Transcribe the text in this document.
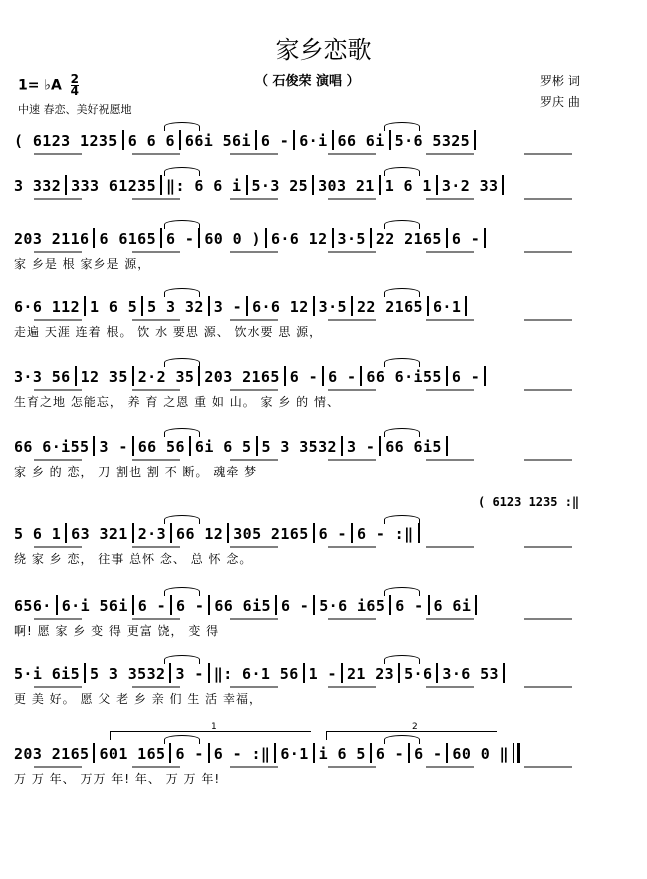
家乡恋歌
（ 石俊荣 演唱 ）
1= ♭A $\frac{2}{4}$
中速 春恋、美好祝愿地
罗彬 词
罗庆 曲
( 6123 1235 :‖
( 6123 1235 6 6 6 66i 56i 6 - 6·i 66 6i 5·6 5325
3 332 333 61235 ‖: 6 6 i 5·3 25 303 21 1 6 1 3·2 33
203 2116 6 6165 6 - 60 0 ) 6·6 12 3·5 22 2165 6 -
家 乡是 根 家乡是 源，
6·6 112 1 6 5 5 3 32 3 - 6·6 12 3·5 22 2165 6·1
走遍 天涯 连着 根。 饮 水 要思 源、 饮水要 思 源，
3·3 56 12 35 2·2 35 203 2165 6 - 6 - 66 6·i55 6 -
生育之地 怎能忘， 养 育 之恩 重 如 山。 家 乡 的 情、
66 6·i55 3 - 66 56 6i 6 5 5 3 3532 3 - 66 6i5
家 乡 的 恋， 刀 割也 割 不 断。 魂牵 梦
5 6 1 63 321 2·3 66 12 305 2165 6 - 6 - :‖
绕 家 乡 恋， 往事 总怀 念、 总 怀 念。
656· 6·i 56i 6 - 6 - 66 6i5 6 - 5·6 i65 6 - 6 6i
啊! 愿 家 乡 变 得 更富 饶， 变 得
5·i 6i5 5 3 3532 3 - ‖: 6·1 56 1 - 21 23 5·6 3·6 53
更 美 好。 愿 父 老 乡 亲 们 生 活 幸福，
203 2165 601 165 6 - 6 - :‖ 6·1 i 6 5 6 - 6 - 60 0 ‖
万 万 年、 万万 年! 年、 万 万 年!
1	2
